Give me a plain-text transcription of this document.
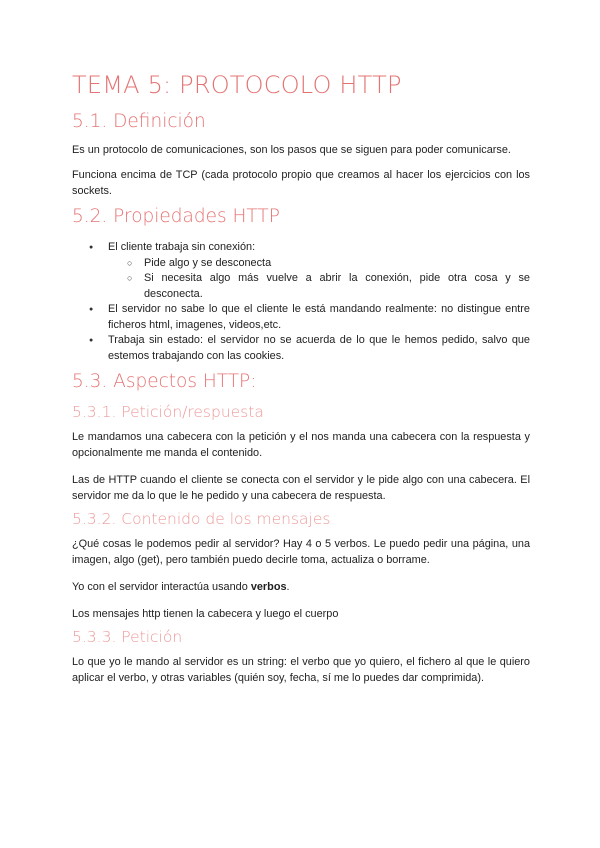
TEMA 5: PROTOCOLO HTTP
5.1. Definición

Es un protocolo de comunicaciones, son los pasos que se siguen para poder comunicarse.

Funciona encima de TCP (cada protocolo propio que creamos al hacer los ejercicios con los sockets.

5.2. Propiedades HTTP
● El cliente trabaja sin conexión:
○ Pide algo y se desconecta
○ Si necesita algo más vuelve a abrir la conexión, pide otra cosa y se desconecta.
● El servidor no sabe lo que el cliente le está mandando realmente: no distingue entre ficheros html, imagenes, videos,etc.
● Trabaja sin estado: el servidor no se acuerda de lo que le hemos pedido, salvo que estemos trabajando con las cookies.
5.3. Aspectos HTTP:
5.3.1. Petición/respuesta

Le mandamos una cabecera con la petición y el nos manda una cabecera con la respuesta y opcionalmente me manda el contenido.

Las de HTTP cuando el cliente se conecta con el servidor y le pide algo con una cabecera. El servidor me da lo que le he pedido y una cabecera de respuesta.

5.3.2. Contenido de los mensajes

¿Qué cosas le podemos pedir al servidor? Hay 4 o 5 verbos. Le puedo pedir una página, una imagen, algo (get), pero también puedo decirle toma, actualiza o borrame.

Yo con el servidor interactúa usando verbos.

Los mensajes http tienen la cabecera y luego el cuerpo

5.3.3. Petición

Lo que yo le mando al servidor es un string: el verbo que yo quiero, el fichero al que le quiero aplicar el verbo, y otras variables (quién soy, fecha, sí me lo puedes dar comprimida).
